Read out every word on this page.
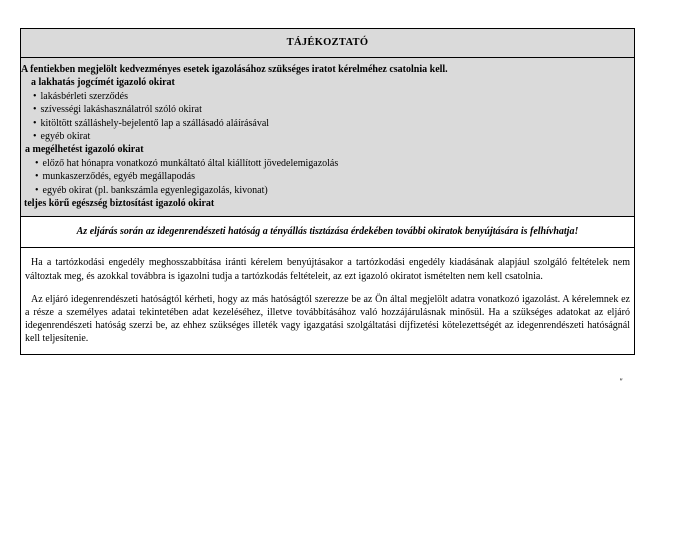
TÁJÉKOZTATÓ
A fentiekben megjelölt kedvezményes esetek igazolásához szükséges iratot kérelméhez csatolnia kell.
a lakhatás jogcímét igazoló okirat
• lakásbérleti szerződés
• szívességi lakáshasználatról szóló okirat
• kitöltött szálláshely-bejelentő lap a szállásadó aláírásával
• egyéb okirat
a megélhetést igazoló okirat
• előző hat hónapra vonatkozó munkáltató által kiállított jövedelemigazolás
• munkaszerződés, egyéb megállapodás
• egyéb okirat (pl. bankszámla egyenlegigazolás, kivonat)
teljes körű egészség biztosítást igazoló okirat
Az eljárás során az idegenrendészeti hatóság a tényállás tisztázása érdekében további okiratok benyújtására is felhívhatja!

Ha a tartózkodási engedély meghosszabbítása iránti kérelem benyújtásakor a tartózkodási engedély kiadásának alapjául szolgáló feltételek nem változtak meg, és azokkal továbbra is igazolni tudja a tartózkodás feltételeit, az ezt igazoló okiratot ismételten nem kell csatolnia.

Az eljáró idegenrendészeti hatóságtól kérheti, hogy az más hatóságtól szerezze be az Ön által megjelölt adatra vonatkozó igazolást. A kérelemnek ez a része a személyes adatai tekintetében adat kezeléséhez, illetve továbbításához való hozzájárulásnak minősül. Ha a szükséges adatokat az eljáró idegenrendészeti hatóság szerzi be, az ehhez szükséges illeték vagy igazgatási szolgáltatási díjfizetési kötelezettségét az idegenrendészeti hatóságnál kell teljesítenie.

"
